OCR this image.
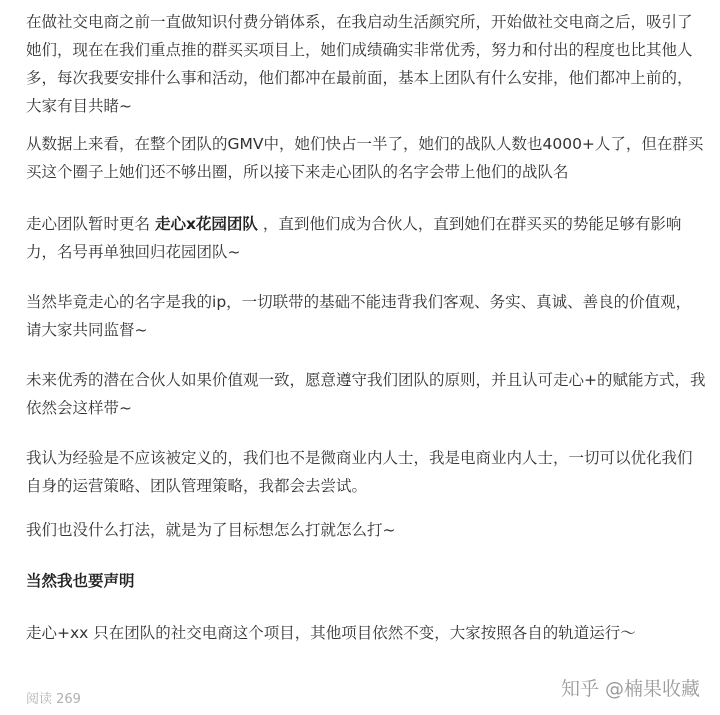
在做社交电商之前一直做知识付费分销体系，在我启动生活颜究所，开始做社交电商之后，吸引了她们，现在在我们重点推的群买买项目上，她们成绩确实非常优秀，努力和付出的程度也比其他人多，每次我要安排什么事和活动，他们都冲在最前面，基本上团队有什么安排，他们都冲上前的，大家有目共睹~

从数据上来看，在整个团队的GMV中，她们快占一半了，她们的战队人数也4000+人了，但在群买买这个圈子上她们还不够出圈，所以接下来走心团队的名字会带上他们的战队名

走心团队暂时更名 走心x花园团队 ，直到他们成为合伙人，直到她们在群买买的势能足够有影响力，名号再单独回归花园团队~

当然毕竟走心的名字是我的ip，一切联带的基础不能违背我们客观、务实、真诚、善良的价值观，请大家共同监督~

未来优秀的潜在合伙人如果价值观一致，愿意遵守我们团队的原则，并且认可走心+的赋能方式，我依然会这样带~

我认为经验是不应该被定义的，我们也不是微商业内人士，我是电商业内人士，一切可以优化我们自身的运营策略、团队管理策略，我都会去尝试。

我们也没什么打法，就是为了目标想怎么打就怎么打~

当然我也要声明

走心+xx 只在团队的社交电商这个项目，其他项目依然不变，大家按照各自的轨道运行～

阅读 269	知乎 @楠果收藏
